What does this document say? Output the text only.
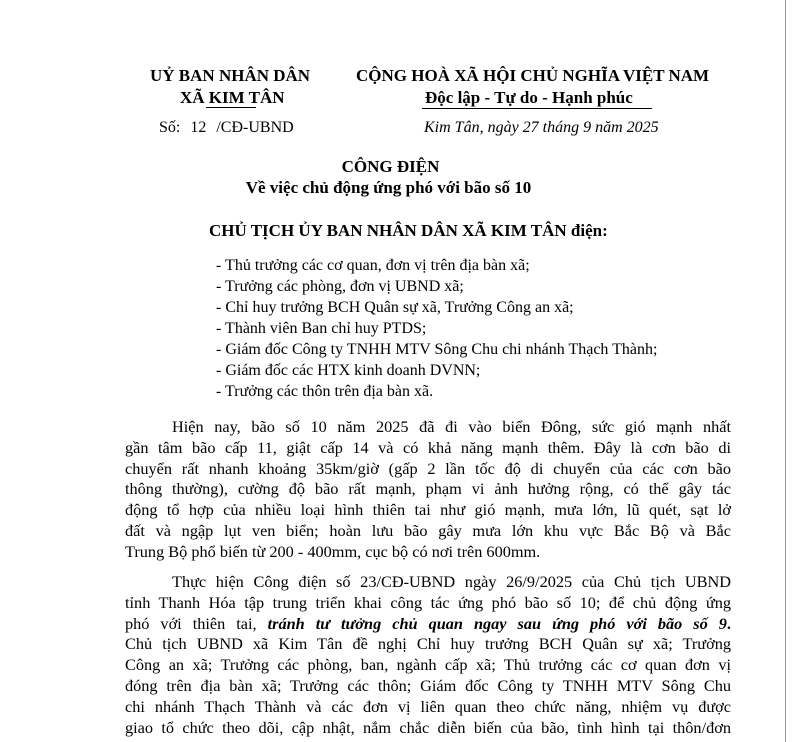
UỶ BAN NHÂN DÂN
XÃ KIM TÂN
CỘNG HOÀ XÃ HỘI CHỦ NGHĨA VIỆT NAM
Độc lập - Tự do - Hạnh phúc
Số: 12 /CĐ-UBND	Kim Tân, ngày 27 tháng 9 năm 2025
CÔNG ĐIỆN
Về việc chủ động ứng phó với bão số 10
CHỦ TỊCH ỦY BAN NHÂN DÂN XÃ KIM TÂN điện:
- Thủ trưởng các cơ quan, đơn vị trên địa bàn xã;
- Trưởng các phòng, đơn vị UBND xã;
- Chỉ huy trưởng BCH Quân sự xã, Trưởng Công an xã;
- Thành viên Ban chỉ huy PTDS;
- Giám đốc Công ty TNHH MTV Sông Chu chi nhánh Thạch Thành;
- Giám đốc các HTX kinh doanh DVNN;
- Trưởng các thôn trên địa bàn xã.
Hiện nay, bão số 10 năm 2025 đã đi vào biển Đông, sức gió mạnh nhất
gần tâm bão cấp 11, giật cấp 14 và có khả năng mạnh thêm. Đây là cơn bão di
chuyển rất nhanh khoảng 35km/giờ (gấp 2 lần tốc độ di chuyển của các cơn bão
thông thường), cường độ bão rất mạnh, phạm vi ảnh hưởng rộng, có thể gây tác
động tổ hợp của nhiều loại hình thiên tai như gió mạnh, mưa lớn, lũ quét, sạt lở
đất và ngập lụt ven biển; hoàn lưu bão gây mưa lớn khu vực Bắc Bộ và Bắc
Trung Bộ phổ biến từ 200 - 400mm, cục bộ có nơi trên 600mm.
Thực hiện Công điện số 23/CĐ-UBND ngày 26/9/2025 của Chủ tịch UBND
tỉnh Thanh Hóa tập trung triển khai công tác ứng phó bão số 10; để chủ động ứng
phó với thiên tai, tránh tư tưởng chủ quan ngay sau ứng phó với bão số 9.
Chủ tịch UBND xã Kim Tân đề nghị Chỉ huy trưởng BCH Quân sự xã; Trưởng
Công an xã; Trưởng các phòng, ban, ngành cấp xã; Thủ trưởng các cơ quan đơn vị
đóng trên địa bàn xã; Trưởng các thôn; Giám đốc Công ty TNHH MTV Sông Chu
chi nhánh Thạch Thành và các đơn vị liên quan theo chức năng, nhiệm vụ được
giao tổ chức theo dõi, cập nhật, nắm chắc diễn biến của bão, tình hình tại thôn/đơn
